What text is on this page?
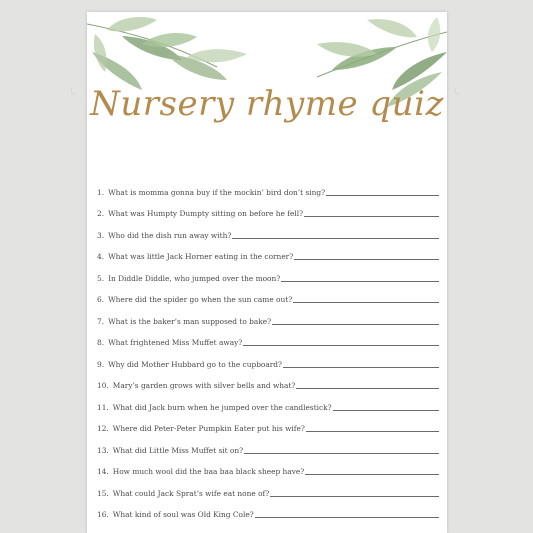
Nursery rhyme quiz
1. What is momma gonna buy if the mockin’ bird don’t sing?
2. What was Humpty Dumpty sitting on before he fell?
3. Who did the dish run away with?
4. What was little Jack Horner eating in the corner?
5. In Diddle Diddle, who jumped over the moon?
6. Where did the spider go when the sun came out?
7. What is the baker’s man supposed to bake?
8. What frightened Miss Muffet away?
9. Why did Mother Hubbard go to the cupboard?
10. Mary’s garden grows with silver bells and what?
11. What did Jack burn when he jumped over the candlestick?
12. Where did Peter-Peter Pumpkin Eater put his wife?
13. What did Little Miss Muffet sit on?
14. How much wool did the baa baa black sheep have?
15. What could Jack Sprat’s wife eat none of?
16. What kind of soul was Old King Cole?
L	L
